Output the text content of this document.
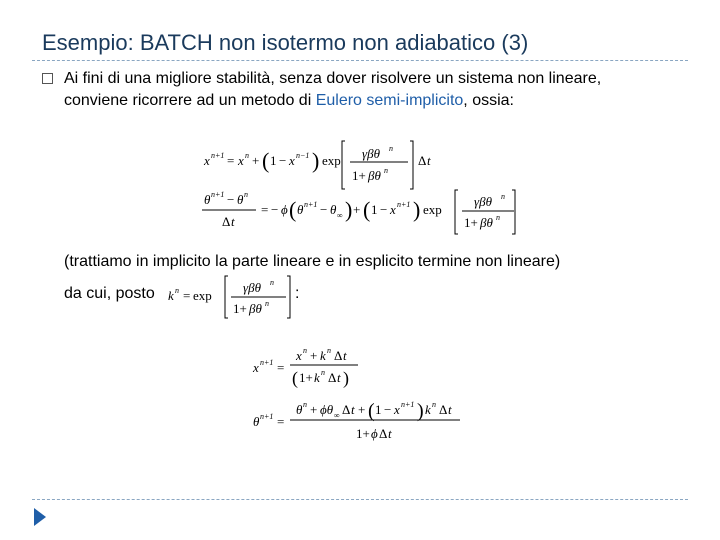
Esempio: BATCH non isotermo non adiabatico (3)
Ai fini di una migliore stabilità, senza dover risolvere un sistema non lineare,
conviene ricorrere ad un metodo di Eulero semi-implicito, ossia:
x n+1 = x n + ( 1 − x n−1 ) exp γβθ n
1+ βθ n
Δ t
θ n+1 − θ n
Δ t
= − ϕ ( θ n+1 − θ ∞ ) + ( 1 − x n+1 ) exp
γβθ n
1+ βθ n
k n = exp
γβθ n
1+ βθ n
x n+1 =
x n + k n Δ t
( 1+ k n Δ t )
θ n+1 =
θ n + ϕθ ∞ Δ t + ( 1 − x n+1 ) k n Δ t
1+ ϕ Δ t
(trattiamo in implicito la parte lineare e in esplicito termine non lineare)
da cui, posto	:
